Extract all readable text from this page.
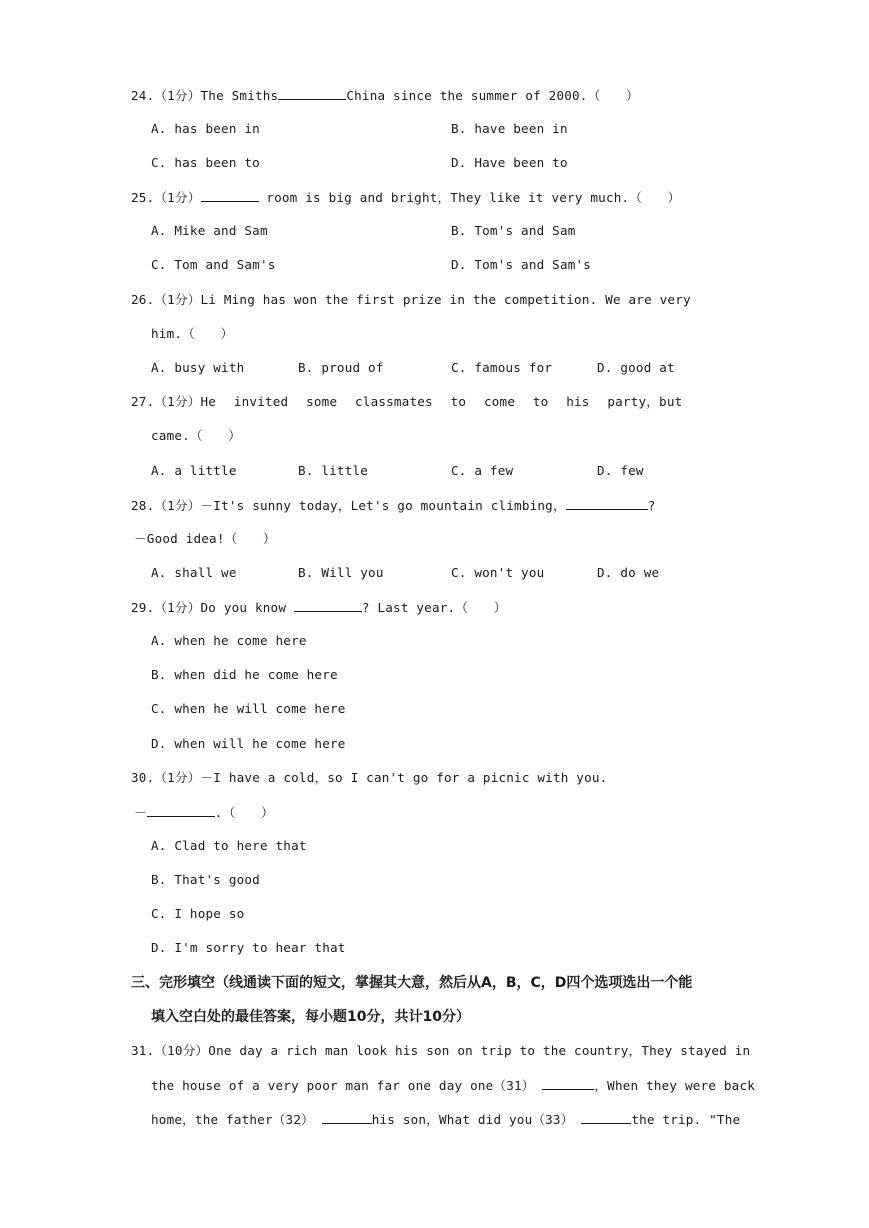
24.（1分）The Smiths	China since the summer of 2000.（　　）
A. has been in	B. have been in
C. has been to	D. Have been to
25.（1分）	room is big and bright，They like it very much.（　　）
A. Mike and Sam	B. Tom's and Sam
C. Tom and Sam's	D. Tom's and Sam's
26.（1分）Li Ming has won the first prize in the competition. We are very
him.（　　）
A. busy with	B. proud of	C. famous for	D. good at
27.（1分）He invited some classmates to come to his party，but
came.（　　）
A. a little	B. little	C. a few	D. few
28.（1分）－It's sunny today，Let's go mountain climbing，	?
－Good idea!（　　）
A. shall we	B. Will you	C. won't you	D. do we
29.（1分）Do you know	? Last year.（　　）
A. when he come here
B. when did he come here
C. when he will come here
D. when will he come here
30.（1分）－I have a cold，so I can't go for a picnic with you.
－	.（　　）
A. Clad to here that
B. That's good
C. I hope so
D. I'm sorry to hear that
三、完形填空（线通读下面的短文，掌握其大意，然后从A，B，C，D四个选项选出一个能
填入空白处的最佳答案，每小题10分，共计10分）
31.（10分）One day a rich man look his son on trip to the country，They stayed in
the house of a very poor man far one day one（31）	，When they were back
home，the father（32）	his son，What did you（33）	the trip. "The
